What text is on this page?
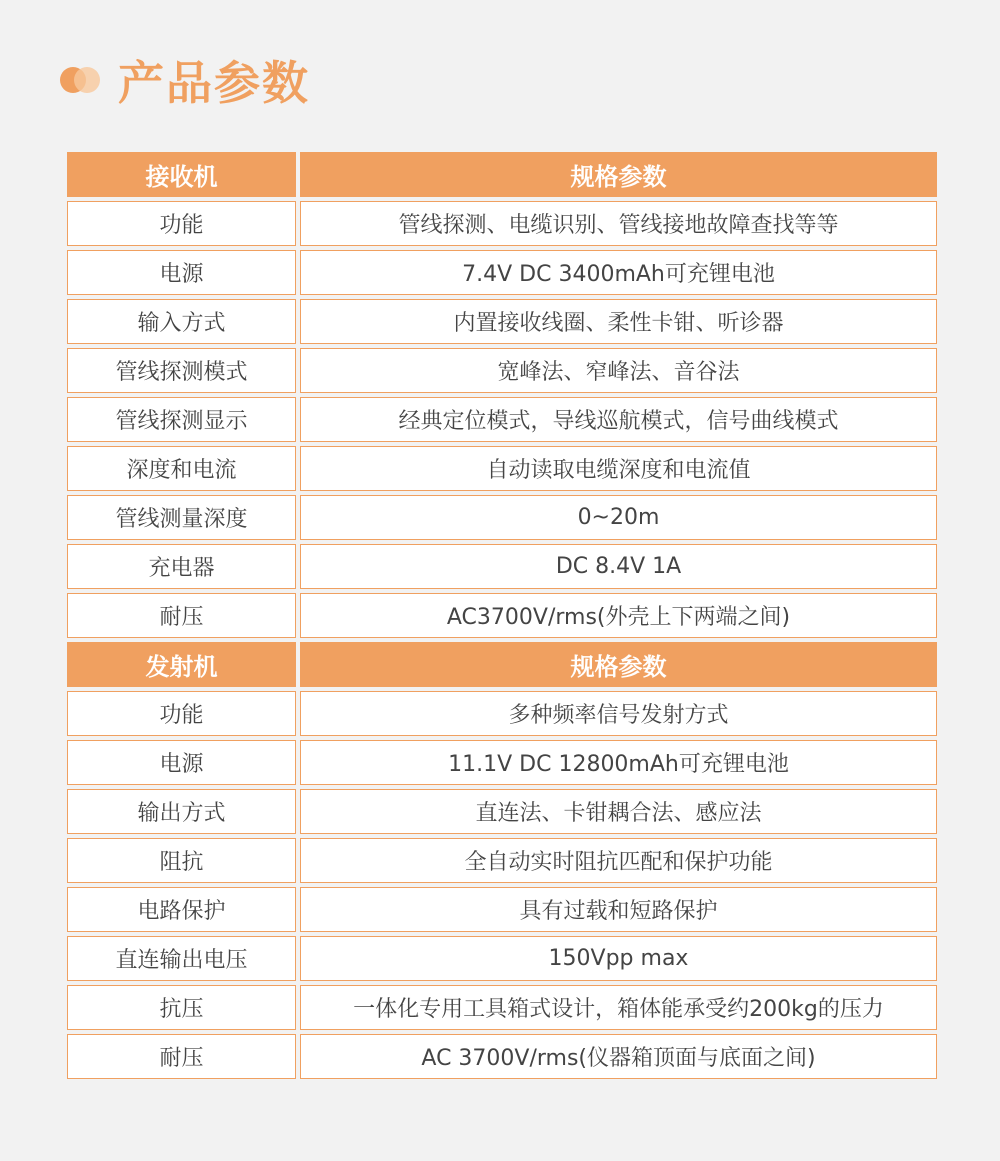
产品参数
接收机	规格参数
功能	管线探测、电缆识别、管线接地故障查找等等
电源	7.4V DC 3400mAh可充锂电池
输入方式	内置接收线圈、柔性卡钳、听诊器
管线探测模式	宽峰法、窄峰法、音谷法
管线探测显示	经典定位模式，导线巡航模式，信号曲线模式
深度和电流	自动读取电缆深度和电流值
管线测量深度	0~20m
充电器	DC 8.4V 1A
耐压	AC3700V/rms(外壳上下两端之间)
发射机	规格参数
功能	多种频率信号发射方式
电源	11.1V DC 12800mAh可充锂电池
输出方式	直连法、卡钳耦合法、感应法
阻抗	全自动实时阻抗匹配和保护功能
电路保护	具有过载和短路保护
直连输出电压	150Vpp max
抗压	一体化专用工具箱式设计，箱体能承受约200kg的压力
耐压	AC 3700V/rms(仪器箱顶面与底面之间)
